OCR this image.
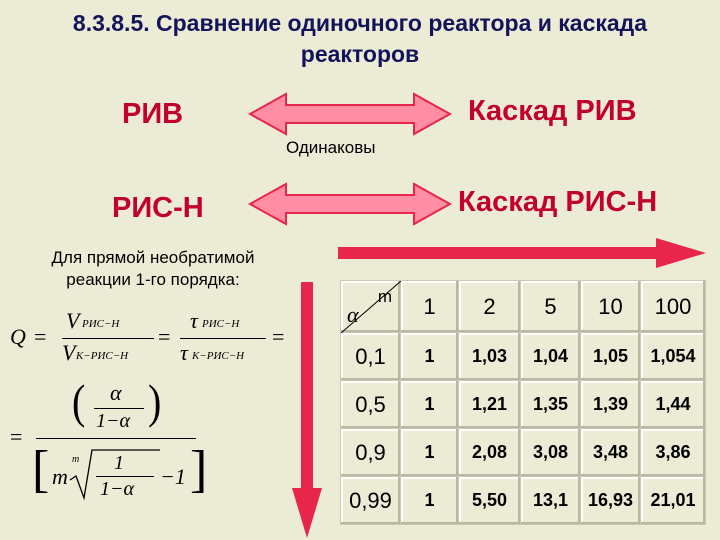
8.3.8.5. Сравнение одиночного реактора и каскада
реакторов
РИВ	Каскад РИВ
Одинаковы
РИС-Н	Каскад РИС-Н
Для прямой необратимой
реакции 1-го порядка:
Q =
V РИС−Н
V К−РИС−Н
=
τ РИС−Н
τ К−РИС−Н
=
=
( α
1−α )
[ m
m 1
1−α −1 ]
m
α	1	2	5	10	100
0,1	1	1,03	1,04	1,05	1,054
0,5	1	1,21	1,35	1,39	1,44
0,9	1	2,08	3,08	3,48	3,86
0,99	1	5,50	13,1	16,93	21,01
